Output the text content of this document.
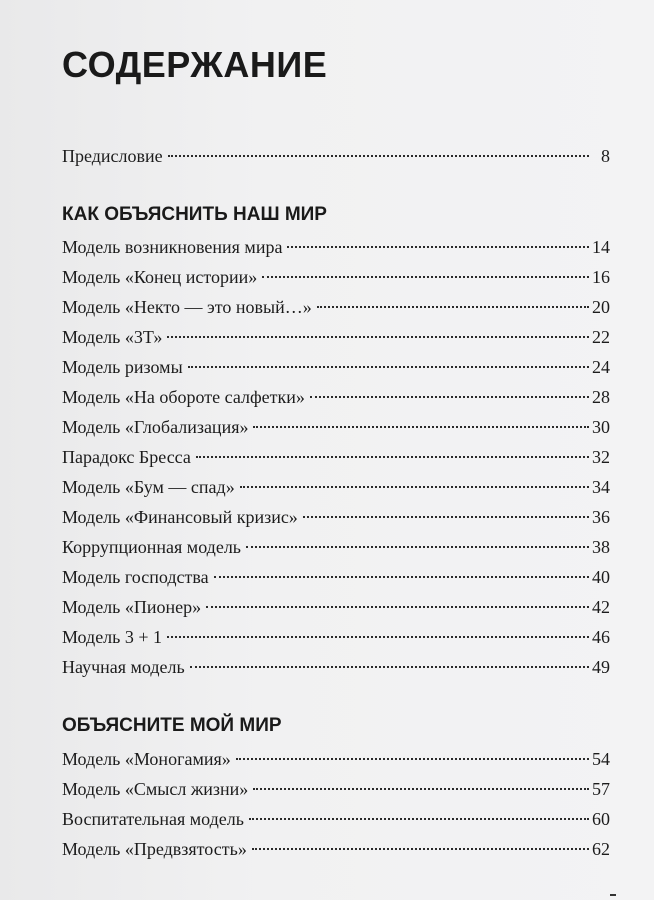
СОДЕРЖАНИЕ
Предисловие	8
КАК ОБЪЯСНИТЬ НАШ МИР
Модель возникновения мира	14
Модель «Конец истории»	16
Модель «Некто — это новый…»	20
Модель «3Т»	22
Модель ризомы	24
Модель «На обороте салфетки»	28
Модель «Глобализация»	30
Парадокс Бресса	32
Модель «Бум — спад»	34
Модель «Финансовый кризис»	36
Коррупционная модель	38
Модель господства	40
Модель «Пионер»	42
Модель 3 + 1	46
Научная модель	49
ОБЪЯСНИТЕ МОЙ МИР
Модель «Моногамия»	54
Модель «Смысл жизни»	57
Воспитательная модель	60
Модель «Предвзятость»	62
